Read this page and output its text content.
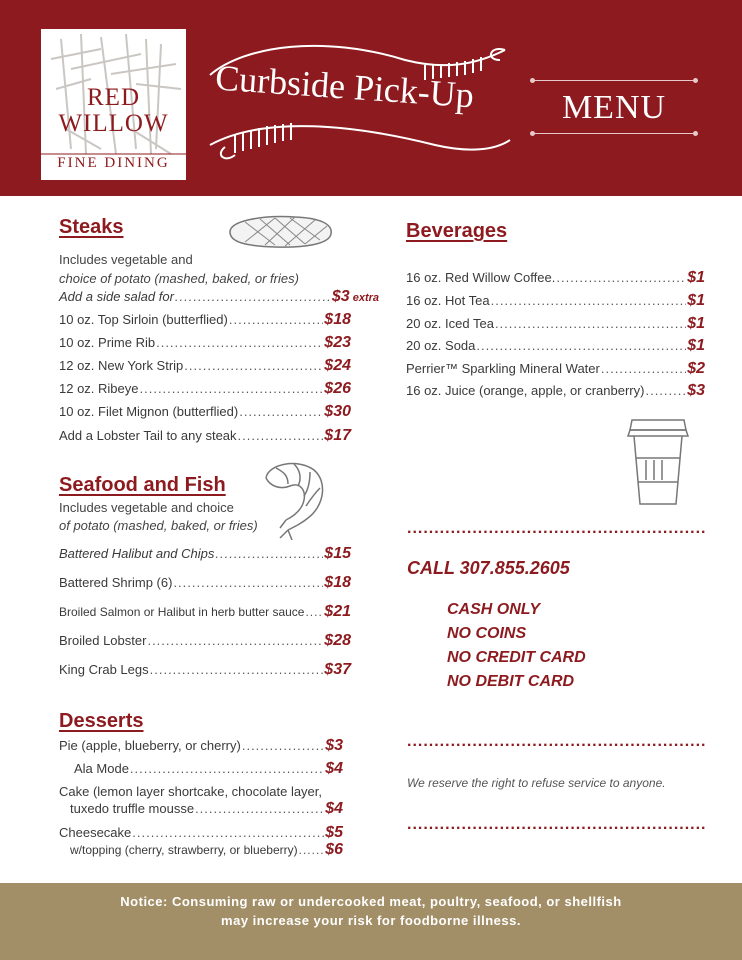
RED
WILLOW
FINE DINING
Curbside Pick-Up	MENU
Steaks
Includes vegetable and
choice of potato (mashed, baked, or fries)
Add a side salad for .....	$3 extra
10 oz. Top Sirloin (butterflied) .....	$18
10 oz. Prime Rib .....	$23
12 oz. New York Strip .....	$24
12 oz. Ribeye .....	$26
10 oz. Filet Mignon (butterflied) .....	$30
Add a Lobster Tail to any steak .....	$17
Seafood and Fish
Includes vegetable and choice
of potato (mashed, baked, or fries)
Battered Halibut and Chips .....	$15
Battered Shrimp (6) .....	$18
Broiled Salmon or Halibut in herb butter sauce ..... $21
Broiled Lobster .....	$28
King Crab Legs .....	$37
Desserts
Pie (apple, blueberry, or cherry) .....	$3
Ala Mode .....	$4
Cake (lemon layer shortcake, chocolate layer,
tuxedo truffle mousse .....	$4
Cheesecake .....	$5
w/topping (cherry, strawberry, or blueberry) ..... $6
Beverages
16 oz. Red Willow Coffee. .....	$1
16 oz. Hot Tea .....	$1
20 oz. Iced Tea .....	$1
20 oz. Soda .....	$1
Perrier™ Sparkling Mineral Water .....	$2
16 oz. Juice (orange, apple, or cranberry) .....	$3
.....
CALL 307.855.2605
CASH ONLY
NO COINS
NO CREDIT CARD
NO DEBIT CARD
.....
We reserve the right to refuse service to anyone.
.....
Notice: Consuming raw or undercooked meat, poultry, seafood, or shellfish
may increase your risk for foodborne illness.
